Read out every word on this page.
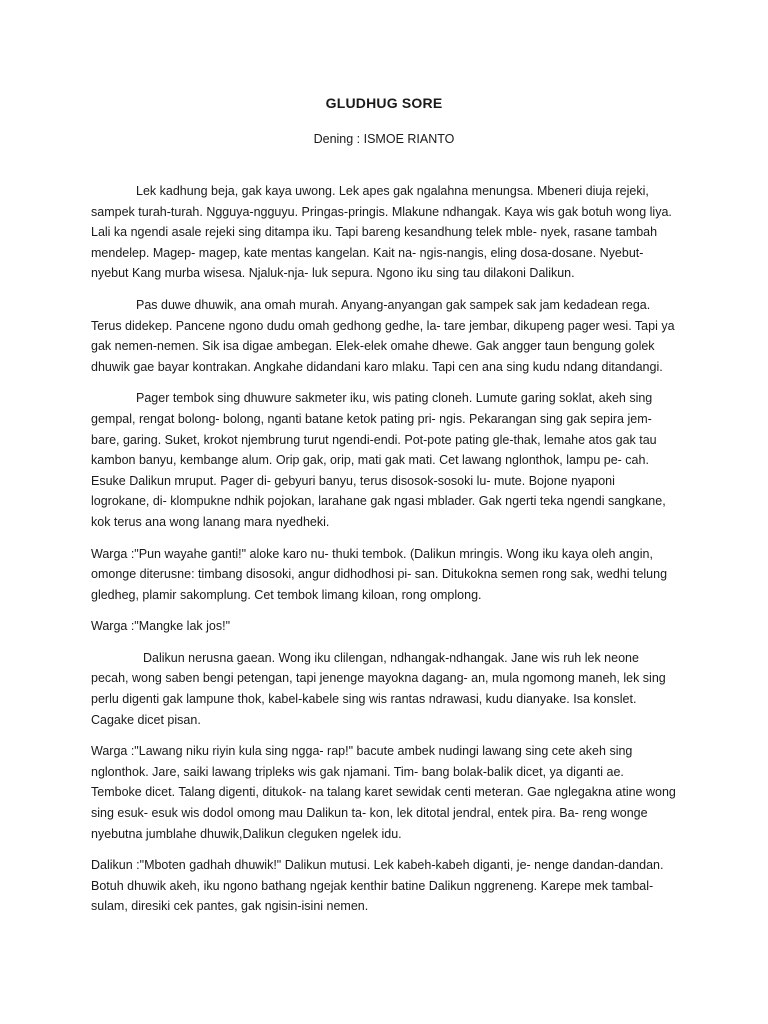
GLUDHUG SORE
Dening : ISMOE RIANTO

Lek kadhung beja, gak kaya uwong. Lek apes gak ngalahna menungsa. Mbeneri diuja rejeki, sampek turah-turah. Ngguya-ngguyu. Pringas-pringis. Mlakune ndhangak. Kaya wis gak botuh wong liya. Lali ka ngendi asale rejeki sing ditampa iku. Tapi bareng kesandhung telek mble- nyek, rasane tambah mendelep. Magep- magep, kate mentas kangelan. Kait na- ngis-nangis, eling dosa-dosane. Nyebut-nyebut Kang murba wisesa. Njaluk-nja- luk sepura. Ngono iku sing tau dilakoni Dalikun.

Pas duwe dhuwik, ana omah murah. Anyang-anyangan gak sampek sak jam kedadean rega. Terus didekep. Pancene ngono dudu omah gedhong gedhe, la- tare jembar, dikupeng pager wesi. Tapi ya gak nemen-nemen. Sik isa digae ambegan. Elek-elek omahe dhewe. Gak angger taun bengung golek dhuwik gae bayar kontrakan. Angkahe didandani karo mlaku. Tapi cen ana sing kudu ndang ditandangi.

Pager tembok sing dhuwure sakmeter iku, wis pating cloneh. Lumute garing soklat, akeh sing gempal, rengat bolong- bolong, nganti batane ketok pating pri- ngis. Pekarangan sing gak sepira jem- bare, garing. Suket, krokot njembrung turut ngendi-endi. Pot-pote pating gle-thak, lemahe atos gak tau kambon banyu, kembange alum. Orip gak, orip, mati gak mati. Cet lawang nglonthok, lampu pe- cah. Esuke Dalikun mruput. Pager di- gebyuri banyu, terus disosok-sosoki lu- mute. Bojone nyaponi logrokane, di- klompukne ndhik pojokan, larahane gak ngasi mblader. Gak ngerti teka ngendi sangkane, kok terus ana wong lanang mara nyedheki.

Warga :"Pun wayahe ganti!" aloke karo nu- thuki tembok. (Dalikun mringis. Wong iku kaya oleh angin, omonge diterusne: timbang disosoki, angur didhodhosi pi- san. Ditukokna semen rong sak, wedhi telung gledheg, plamir sakomplung. Cet tembok limang kiloan, rong omplong.

Warga :"Mangke lak jos!"

Dalikun nerusna gaean. Wong iku clilengan, ndhangak-ndhangak. Jane wis ruh lek neone pecah, wong saben bengi petengan, tapi jenenge mayokna dagang- an, mula ngomong maneh, lek sing perlu digenti gak lampune thok, kabel-kabele sing wis rantas ndrawasi, kudu dianyake. Isa konslet. Cagake dicet pisan.

Warga :"Lawang niku riyin kula sing ngga- rap!" bacute ambek nudingi lawang sing cete akeh sing nglonthok. Jare, saiki lawang tripleks wis gak njamani. Tim- bang bolak-balik dicet, ya diganti ae. Temboke dicet. Talang digenti, ditukok- na talang karet sewidak centi meteran. Gae nglegakna atine wong sing esuk- esuk wis dodol omong mau Dalikun ta- kon, lek ditotal jendral, entek pira. Ba- reng wonge nyebutna jumblahe dhuwik,Dalikun cleguken ngelek idu.

Dalikun :"Mboten gadhah dhuwik!" Dalikun mutusi. Lek kabeh-kabeh diganti, je- nenge dandan-dandan. Botuh dhuwik akeh, iku ngono bathang ngejak kenthir batine Dalikun nggreneng. Karepe mek tambal-sulam, diresiki cek pantes, gak ngisin-isini nemen.
